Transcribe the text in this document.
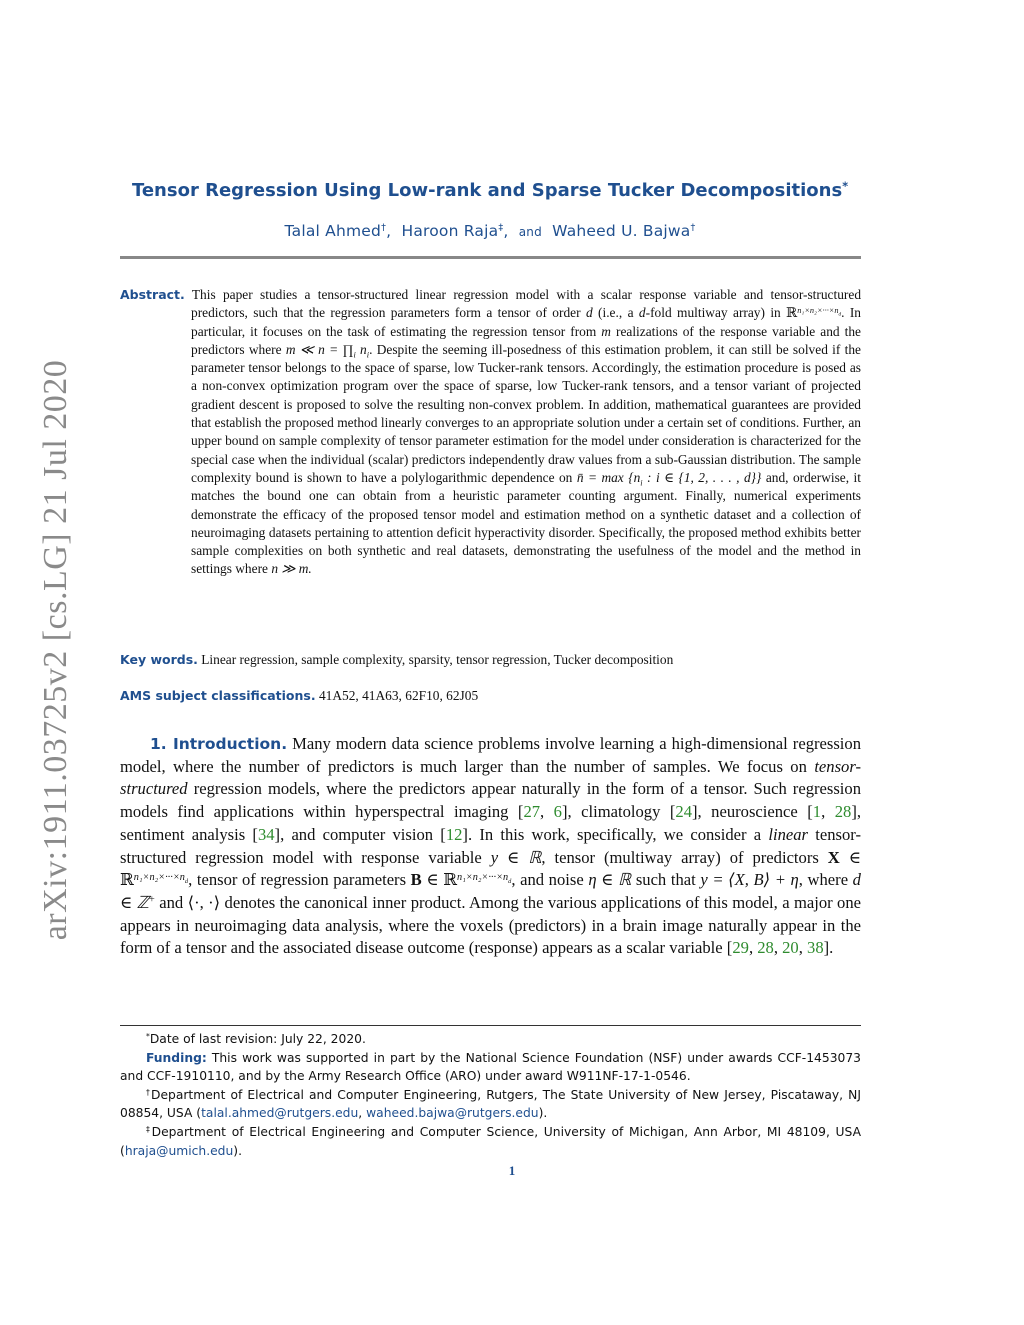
arXiv:1911.03725v2 [cs.LG] 21 Jul 2020
Tensor Regression Using Low-rank and Sparse Tucker Decompositions*
Talal Ahmed†, Haroon Raja‡, and Waheed U. Bajwa†
Abstract. This paper studies a tensor-structured linear regression model with a scalar response variable and tensor-structured predictors, such that the regression parameters form a tensor of order d (i.e., a d-fold multiway array) in ℝ$^{n_1\times n_2\times\cdot\cdot\cdot\times n_d}$. In particular, it focuses on the task of estimating the regression tensor from m realizations of the response variable and the predictors where m ≪ $n = \prod_i$ $n_i$. Despite the seeming ill-posedness of this estimation problem, it can still be solved if the parameter tensor belongs to the space of sparse, low Tucker-rank tensors. Accordingly, the estimation procedure is posed as a non-convex optimization program over the space of sparse, low Tucker-rank tensors, and a tensor variant of projected gradient descent is proposed to solve the resulting non-convex problem. In addition, mathematical guarantees are provided that establish the proposed method linearly converges to an appropriate solution under a certain set of conditions. Further, an upper bound on sample complexity of tensor parameter estimation for the model under consideration is characterized for the special case when the individual (scalar) predictors independently draw values from a sub-Gaussian distribution. The sample complexity bound is shown to have a polylogarithmic dependence on n̄ = $\max \{n_i$ : i ∈ {1, 2, . . . , d}} and, orderwise, it matches the bound one can obtain from a heuristic parameter counting argument. Finally, numerical experiments demonstrate the efficacy of the proposed tensor model and estimation method on a synthetic dataset and a collection of neuroimaging datasets pertaining to attention deficit hyperactivity disorder. Specifically, the proposed method exhibits better sample complexities on both synthetic and real datasets, demonstrating the usefulness of the model and the method in settings where n ≫ m.
Key words. Linear regression, sample complexity, sparsity, tensor regression, Tucker decomposition
AMS subject classifications. 41A52, 41A63, 62F10, 62J05

1. Introduction. Many modern data science problems involve learning a high-dimensional regression model, where the number of predictors is much larger than the number of samples. We focus on tensor-structured regression models, where the predictors appear naturally in the form of a tensor. Such regression models find applications within hyperspectral imaging [27, 6], climatology [24], neuroscience [1, 28], sentiment analysis [34], and computer vision [12]. In this work, specifically, we consider a linear tensor-structured regression model with response variable y ∈ ℝ, tensor (multiway array) of predictors X ∈ ℝ$^{n_1\times n_2\times\cdot\cdot\cdot\times n_d}$, tensor of regression parameters B ∈ ℝ$^{n_1\times n_2\times\cdot\cdot\cdot\times n_d}$, and noise η ∈ ℝ such that y = ⟨X, B⟩ + η, where d ∈ ℤ+ and ⟨·, ·⟩ denotes the canonical inner product. Among the various applications of this model, a major one appears in neuroimaging data analysis, where the voxels (predictors) in a brain image naturally appear in the form of a tensor and the associated disease outcome (response) appears as a scalar variable [29, 28, 20, 38].

*Date of last revision: July 22, 2020.

Funding: This work was supported in part by the National Science Foundation (NSF) under awards CCF-1453073 and CCF-1910110, and by the Army Research Office (ARO) under award W911NF-17-1-0546.

†Department of Electrical and Computer Engineering, Rutgers, The State University of New Jersey, Piscataway, NJ 08854, USA (talal.ahmed@rutgers.edu, waheed.bajwa@rutgers.edu).

‡Department of Electrical Engineering and Computer Science, University of Michigan, Ann Arbor, MI 48109, USA (hraja@umich.edu).

1
